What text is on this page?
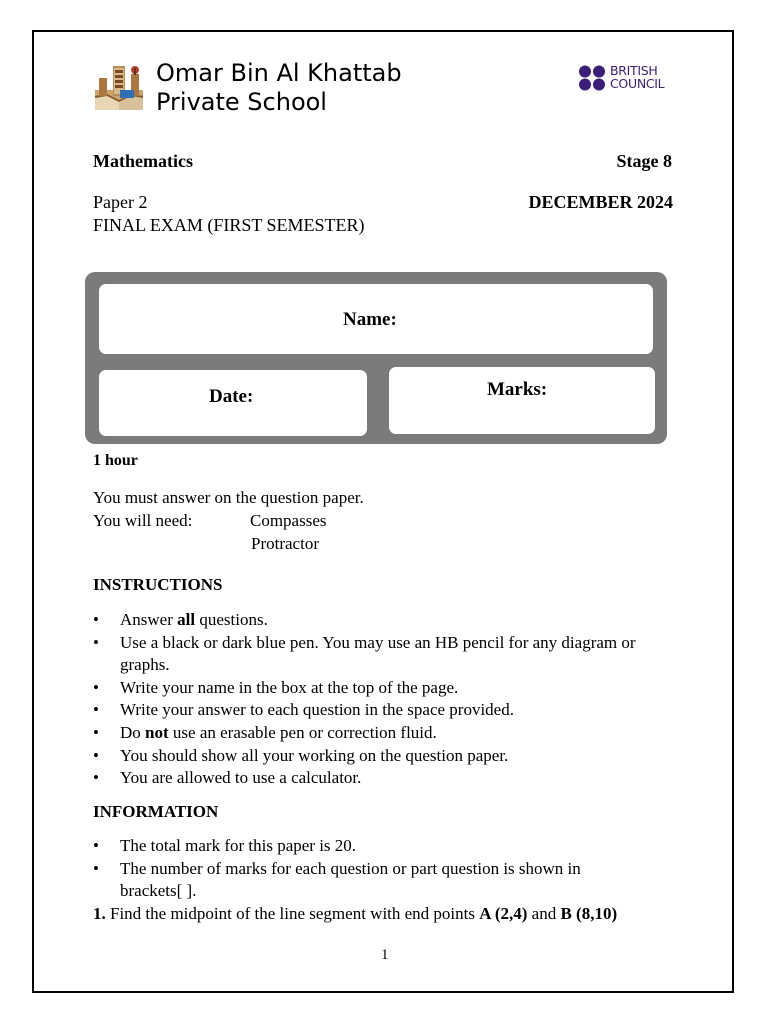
Omar Bin Al Khattab
Private School
BRITISH
COUNCIL
Mathematics	Stage 8
Paper 2	DECEMBER 2024
FINAL EXAM (FIRST SEMESTER)
Name:
Date:	Marks:
1 hour
You must answer on the question paper.
You will need:	Compasses
Protractor
INSTRUCTIONS
• Answer all questions.
• Use a black or dark blue pen. You may use an HB pencil for any diagram or graphs.
• Write your name in the box at the top of the page.
• Write your answer to each question in the space provided.
• Do not use an erasable pen or correction fluid.
• You should show all your working on the question paper.
• You are allowed to use a calculator.
INFORMATION
• The total mark for this paper is 20.
• The number of marks for each question or part question is shown in brackets[ ].
1. Find the midpoint of the line segment with end points A (2,4) and B (8,10)
1
